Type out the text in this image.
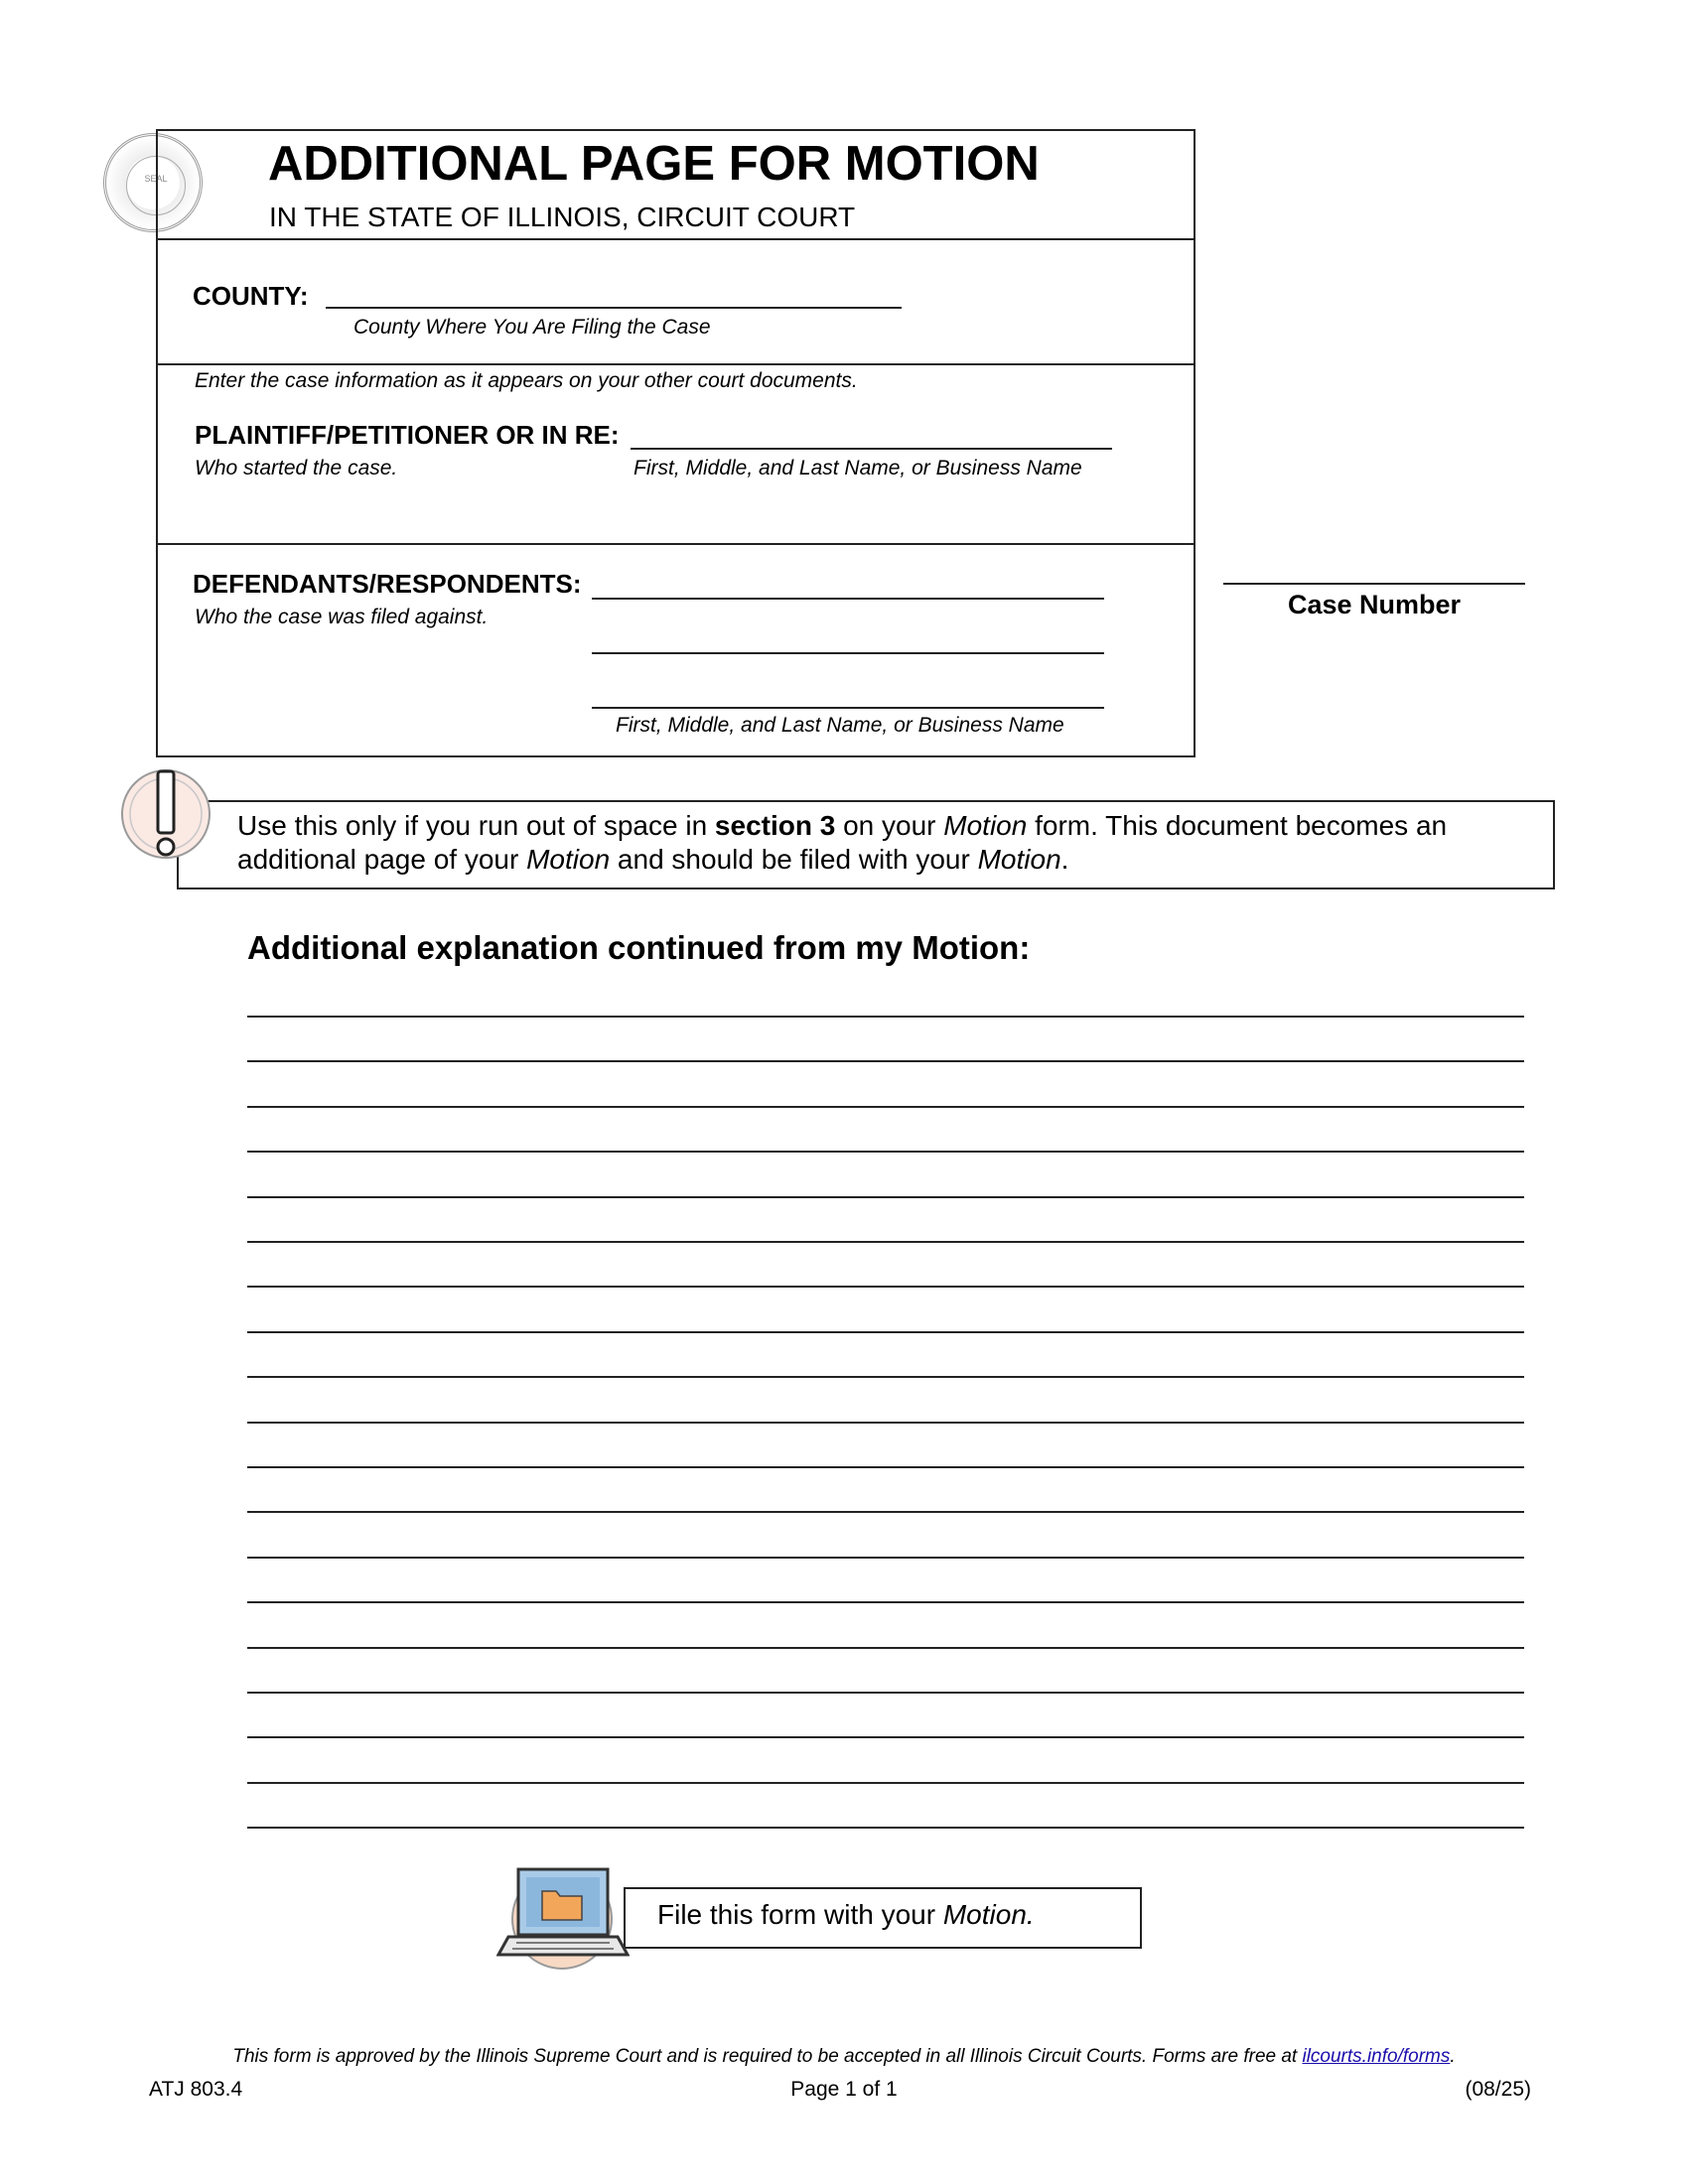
SEAL	ADDITIONAL PAGE FOR MOTION
IN THE STATE OF ILLINOIS, CIRCUIT COURT
COUNTY:
County Where You Are Filing the Case
Enter the case information as it appears on your other court documents.
PLAINTIFF/PETITIONER OR IN RE:
Who started the case.	First, Middle, and Last Name, or Business Name
DEFENDANTS/RESPONDENTS:
Who the case was filed against.
First, Middle, and Last Name, or Business Name
Case Number
Use this only if you run out of space in section 3 on your Motion form. This document becomes an additional page of your Motion and should be filed with your Motion.
Additional explanation continued from my Motion:
File this form with your Motion.
This form is approved by the Illinois Supreme Court and is required to be accepted in all Illinois Circuit Courts. Forms are free at ilcourts.info/forms.
ATJ 803.4	Page 1 of 1	(08/25)
